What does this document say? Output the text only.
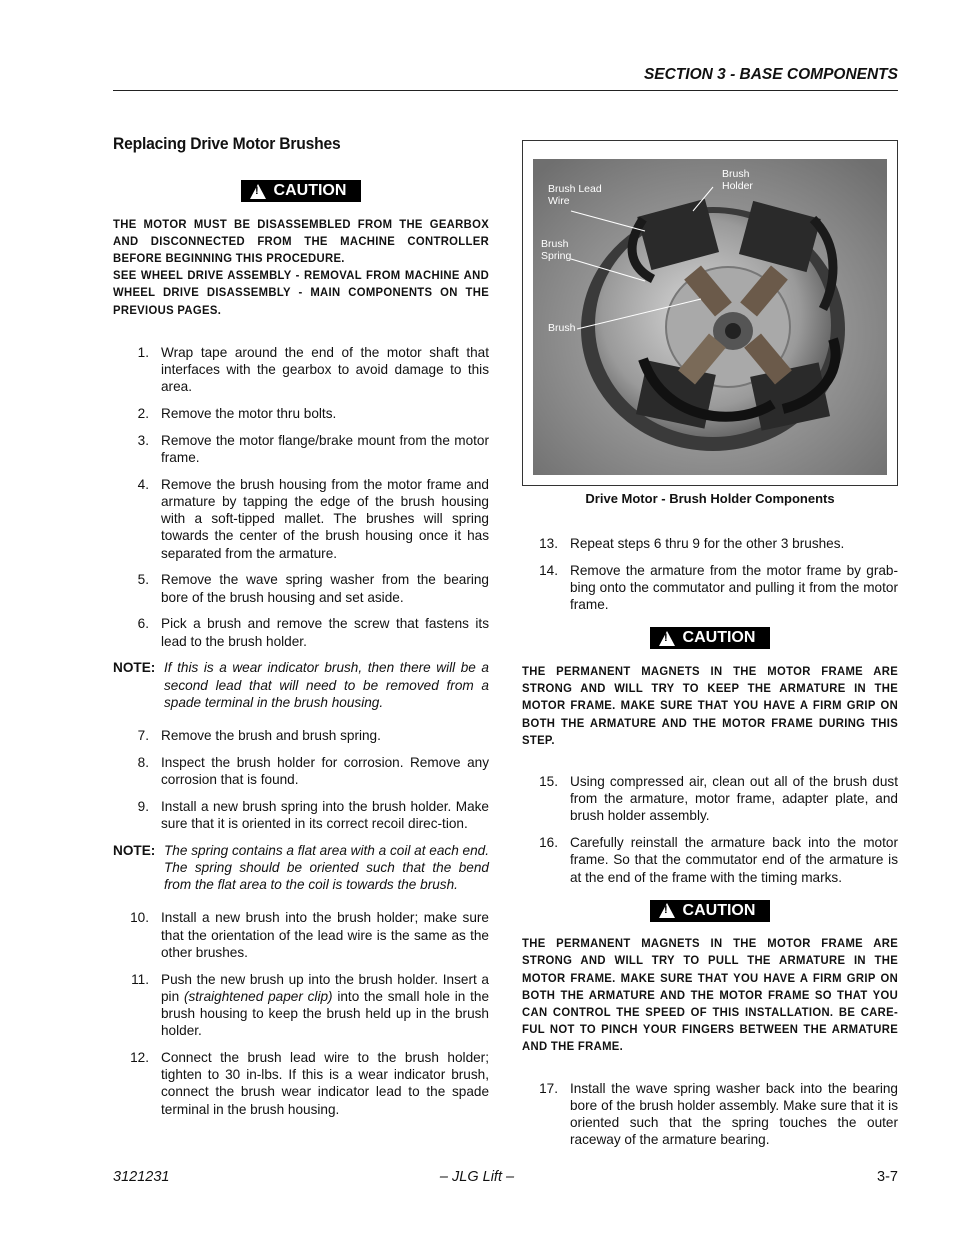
SECTION 3 - BASE COMPONENTS
Replacing Drive Motor Brushes
!
CAUTION
THE MOTOR MUST BE DISASSEMBLED FROM THE GEARBOX AND DISCONNECTED FROM THE MACHINE CONTROLLER BEFORE BEGINNING THIS PROCEDURE.
SEE WHEEL DRIVE ASSEMBLY - REMOVAL FROM MACHINE AND WHEEL DRIVE DISASSEMBLY - MAIN COMPONENTS ON THE PREVIOUS PAGES.
1. Wrap tape around the end of the motor shaft that interfaces with the gearbox to avoid damage to this area.
2. Remove the motor thru bolts.
3. Remove the motor flange/brake mount from the motor frame.
4. Remove the brush housing from the motor frame and armature by tapping the edge of the brush housing with a soft-tipped mallet. The brushes will spring towards the center of the brush housing once it has separated from the armature.
5. Remove the wave spring washer from the bearing bore of the brush housing and set aside.
6. Pick a brush and remove the screw that fastens its lead to the brush holder.
NOTE: If this is a wear indicator brush, then there will be a second lead that will need to be removed from a spade terminal in the brush housing.
7. Remove the brush and brush spring.
8. Inspect the brush holder for corrosion. Remove any corrosion that is found.
9. Install a new brush spring into the brush holder. Make sure that it is oriented in its correct recoil direc-tion.
NOTE: The spring contains a flat area with a coil at each end. The spring should be oriented such that the bend from the flat area to the coil is towards the brush.
10. Install a new brush into the brush holder; make sure that the orientation of the lead wire is the same as the other brushes.
11. Push the new brush up into the brush holder. Insert a pin (straightened paper clip) into the small hole in the brush housing to keep the brush held up in the brush holder.
12. Connect the brush lead wire to the brush holder; tighten to 30 in-lbs. If this is a wear indicator brush, connect the brush wear indicator lead to the spade terminal in the brush housing.
Brush Lead
Wire
Brush
Holder
Brush
Spring
Brush
Drive Motor - Brush Holder Components
13. Repeat steps 6 thru 9 for the other 3 brushes.
14. Remove the armature from the motor frame by grab-bing onto the commutator and pulling it from the motor frame.
!
CAUTION
THE PERMANENT MAGNETS IN THE MOTOR FRAME ARE STRONG AND WILL TRY TO KEEP THE ARMATURE IN THE MOTOR FRAME. MAKE SURE THAT YOU HAVE A FIRM GRIP ON BOTH THE ARMATURE AND THE MOTOR FRAME DURING THIS STEP.
15. Using compressed air, clean out all of the brush dust from the armature, motor frame, adapter plate, and brush holder assembly.
16. Carefully reinstall the armature back into the motor frame. So that the commutator end of the armature is at the end of the frame with the timing marks.
!
CAUTION
THE PERMANENT MAGNETS IN THE MOTOR FRAME ARE STRONG AND WILL TRY TO PULL THE ARMATURE IN THE MOTOR FRAME. MAKE SURE THAT YOU HAVE A FIRM GRIP ON BOTH THE ARMATURE AND THE MOTOR FRAME SO THAT YOU CAN CONTROL THE SPEED OF THIS INSTALLATION. BE CARE-FUL NOT TO PINCH YOUR FINGERS BETWEEN THE ARMATURE AND THE FRAME.
17. Install the wave spring washer back into the bearing bore of the brush holder assembly. Make sure that it is oriented such that the spring touches the outer raceway of the armature bearing.
3121231	– JLG Lift –	3-7
